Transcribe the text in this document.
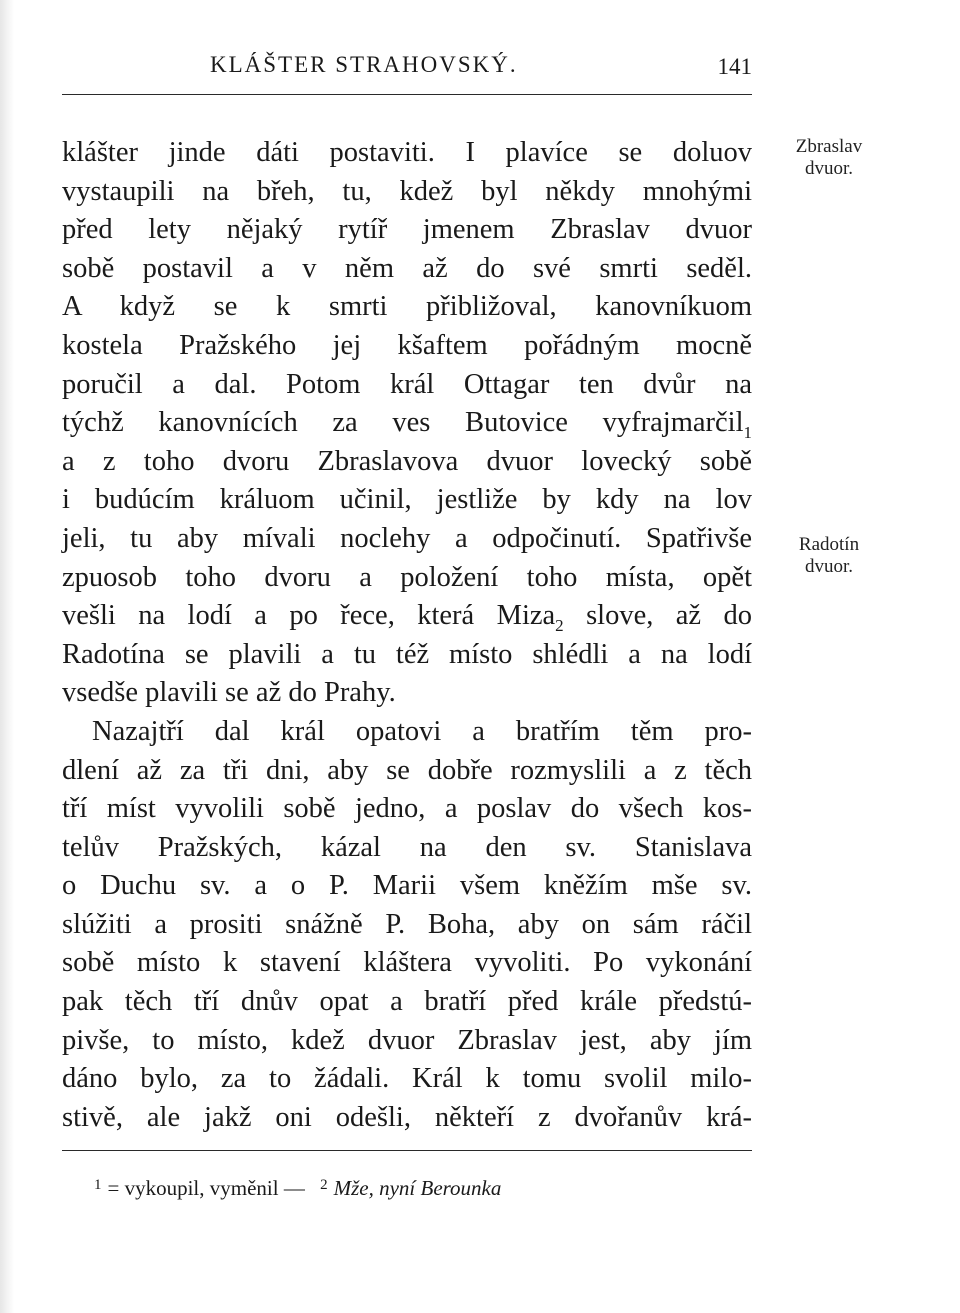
KLÁŠTER STRAHOVSKÝ.	141
Zbraslav
dvuor.
Radotín
dvuor.
klášter jinde dáti postaviti. I plavíce se doluov
vystaupili na břeh, tu, kdež byl někdy mnohými
před lety nějaký rytíř jmenem Zbraslav dvuor
sobě postavil a v něm až do své smrti seděl.
A když se k smrti přibližoval, kanovníkuom
kostela Pražského jej kšaftem pořádným mocně
poručil a dal. Potom král Ottagar ten dvůr na
týchž kanovnících za ves Butovice vyfrajmarčil$_1$
a z toho dvoru Zbraslavova dvuor lovecký sobě
i budúcím králuom učinil, jestliže by kdy na lov
jeli, tu aby mívali noclehy a odpočinutí. Spatřivše
zpuosob toho dvoru a položení toho místa, opět
vešli na lodí a po řece, která Miza$_2$ slove, až do
Radotína se plavili a tu též místo shlédli a na lodí
vsedše plavili se až do Prahy.
Nazajtří dal král opatovi a bratřím těm pro-
dlení až za tři dni, aby se dobře rozmyslili a z těch
tří míst vyvolili sobě jedno, a poslav do všech kos-
telův Pražských, kázal na den sv. Stanislava
o Duchu sv. a o P. Marii všem kněžím mše sv.
slúžiti a prositi snážně P. Boha, aby on sám ráčil
sobě místo k stavení kláštera vyvoliti. Po vykonání
pak těch tří dnův opat a bratří před krále předstú-
pivše, to místo, kdež dvuor Zbraslav jest, aby jím
dáno bylo, za to žádali. Král k tomu svolil milo-
stivě, ale jakž oni odešli, někteří z dvořanův krá-
$^1$ = vykoupil, vyměnil — $^2$ Mže, nyní Berounka
